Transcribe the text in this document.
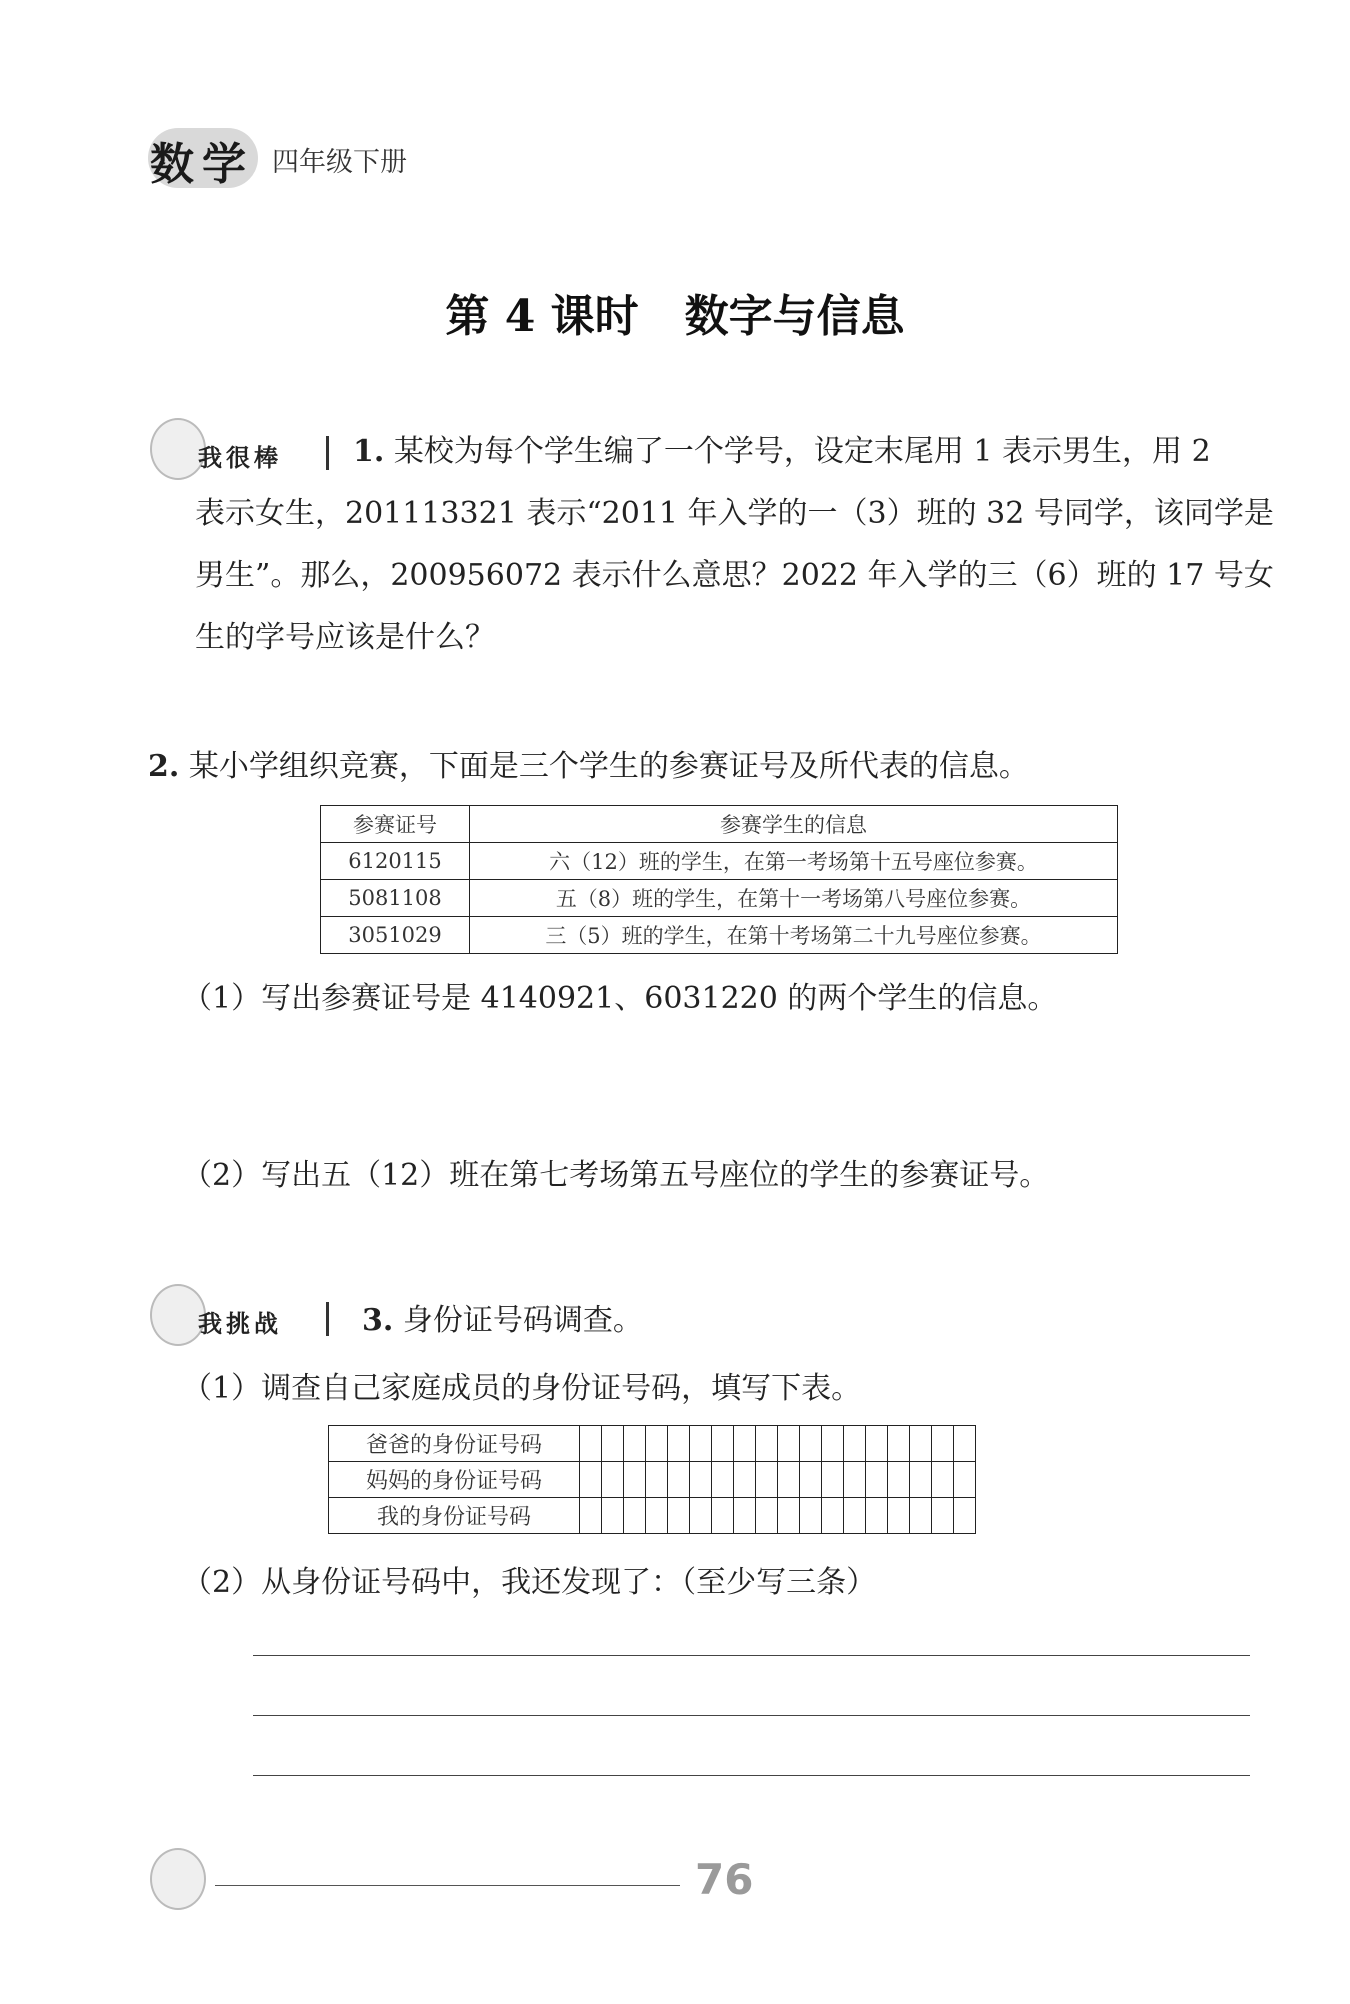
数学 四年级下册
第 4 课时   数字与信息
我很棒	1. 某校为每个学生编了一个学号，设定末尾用 1 表示男生，用 2
表示女生，201113321 表示“2011 年入学的一（3）班的 32 号同学，该同学是
男生”。那么，200956072 表示什么意思？2022 年入学的三（6）班的 17 号女
生的学号应该是什么？
2. 某小学组织竞赛，下面是三个学生的参赛证号及所代表的信息。
参赛证号	参赛学生的信息
6120115	六（12）班的学生，在第一考场第十五号座位参赛。
5081108	五（8）班的学生，在第十一考场第八号座位参赛。
3051029	三（5）班的学生，在第十考场第二十九号座位参赛。
（1）写出参赛证号是 4140921、6031220 的两个学生的信息。
（2）写出五（12）班在第七考场第五号座位的学生的参赛证号。
我挑战	3. 身份证号码调查。
（1）调查自己家庭成员的身份证号码，填写下表。
爸爸的身份证号码																		
妈妈的身份证号码																		
我的身份证号码																		
（2）从身份证号码中，我还发现了：（至少写三条）
76
